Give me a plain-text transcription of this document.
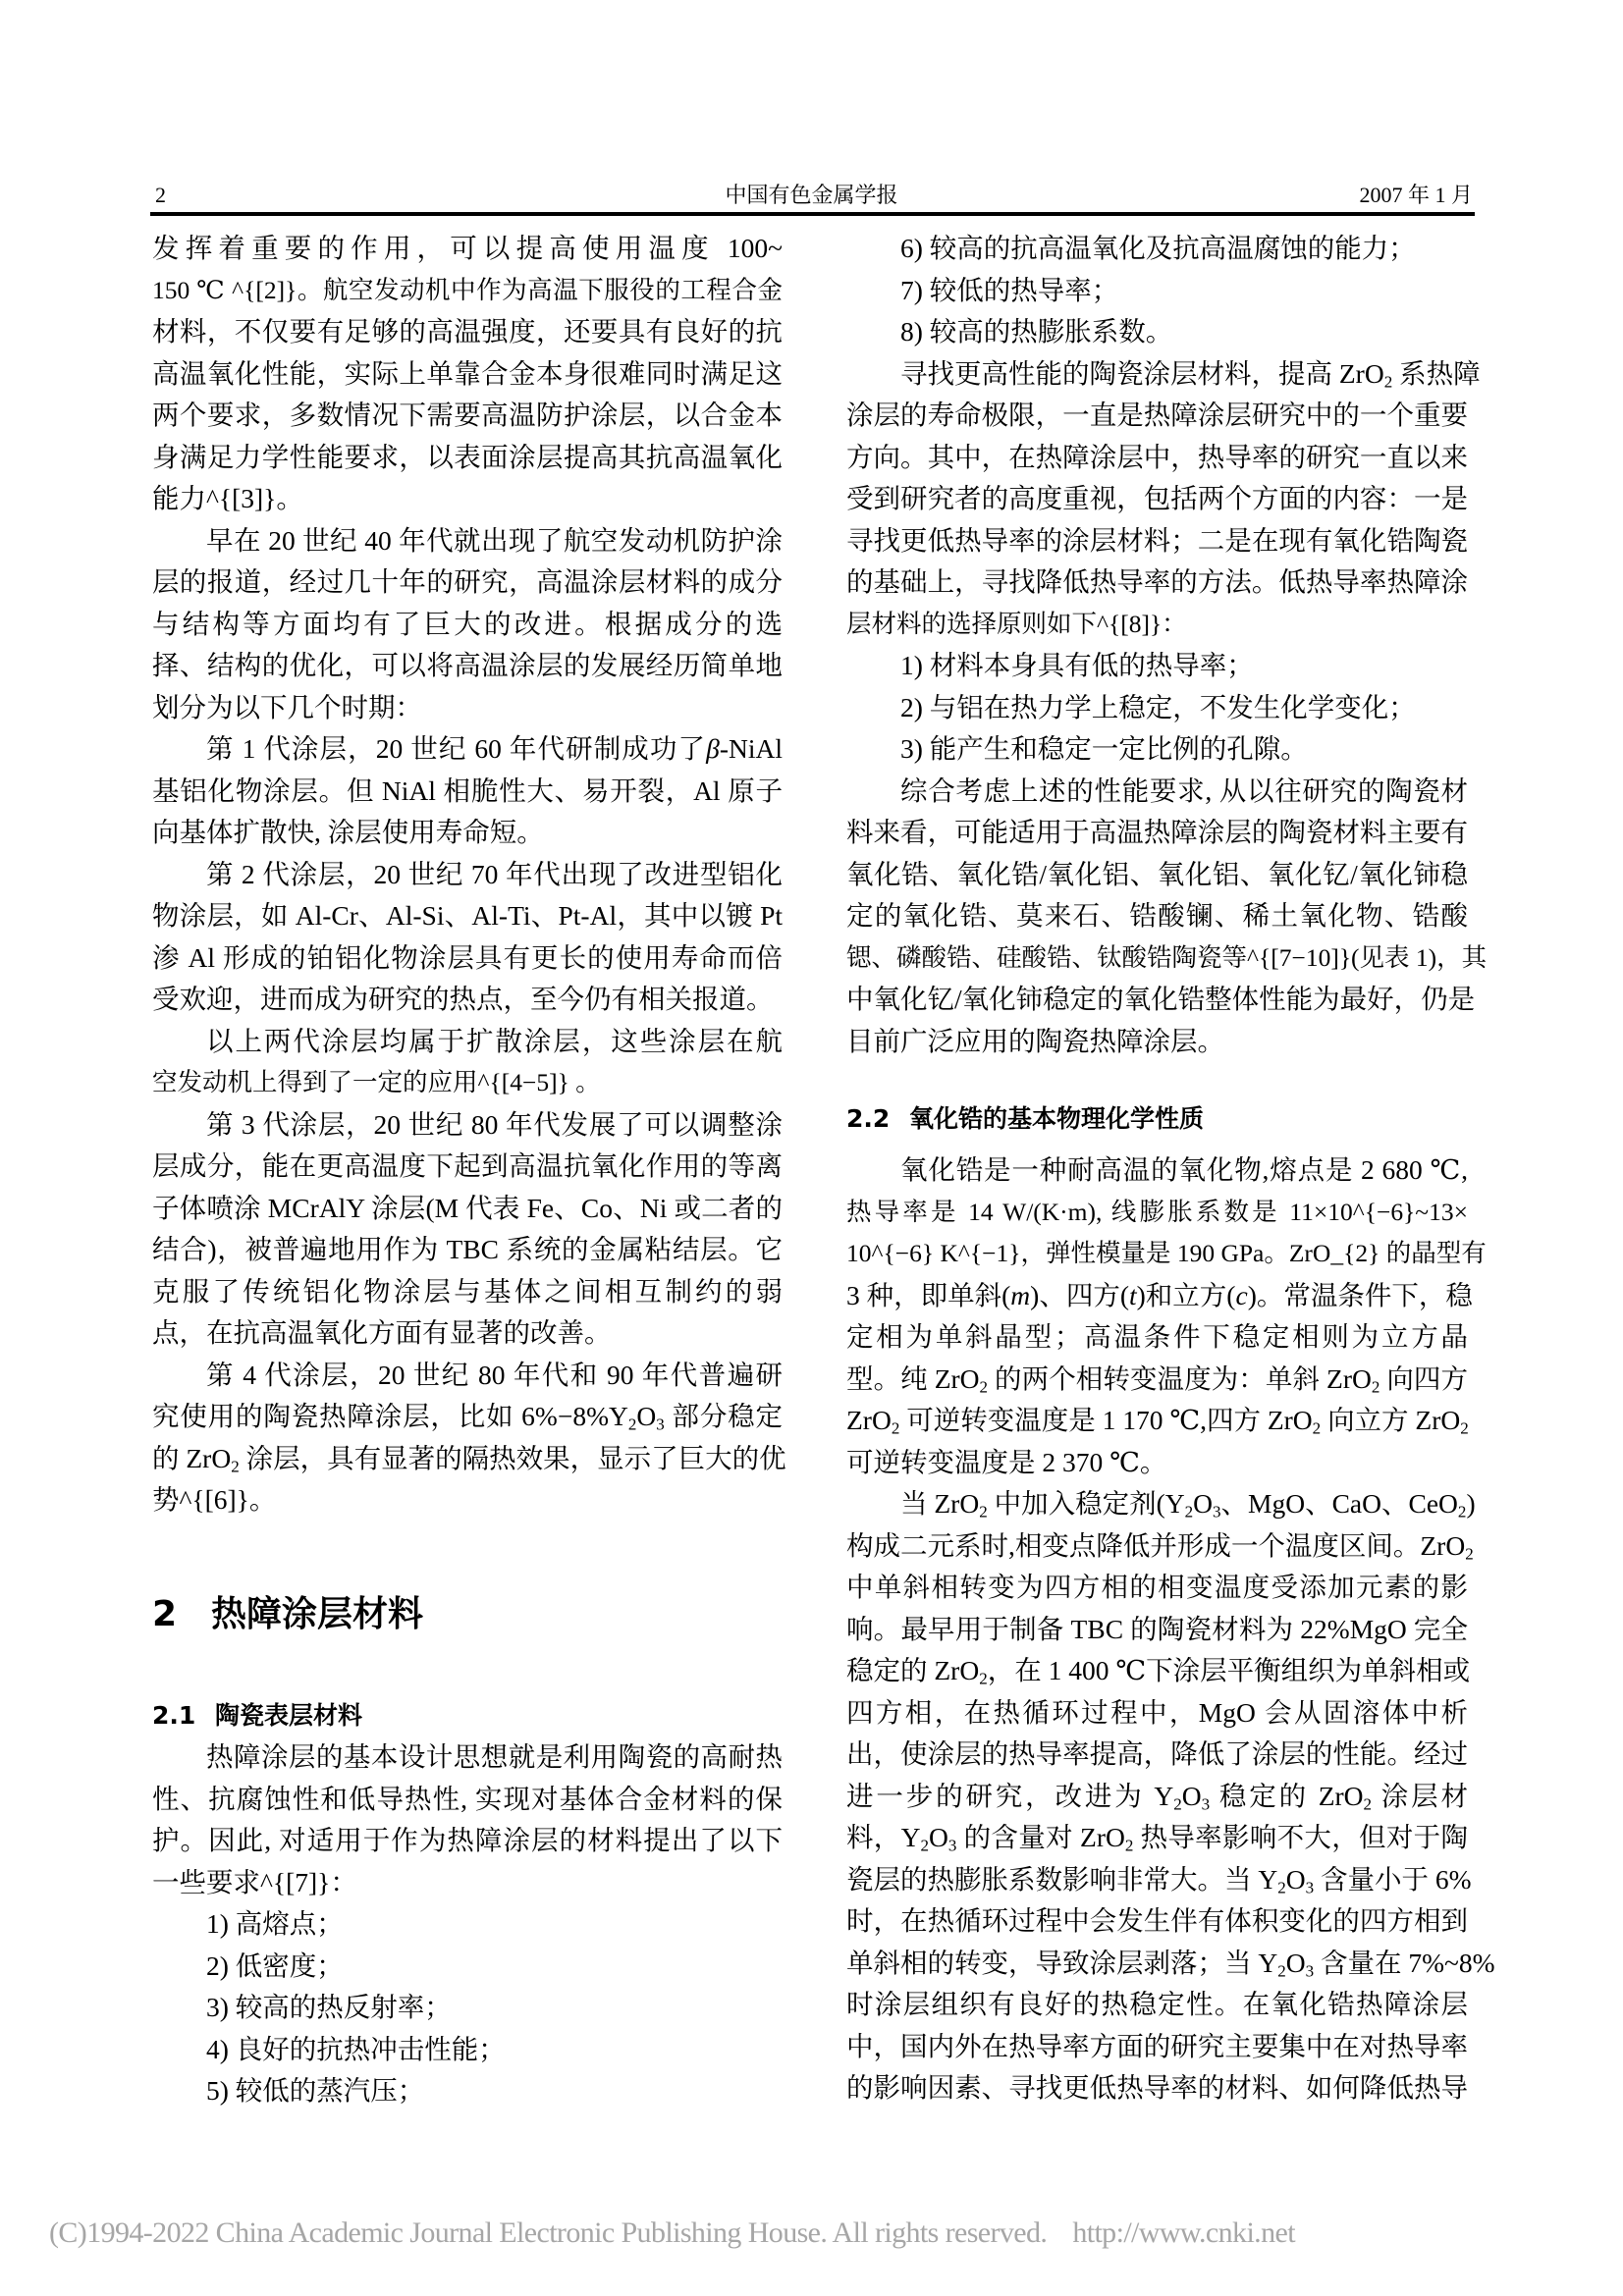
2	中国有色金属学报	2007 年 1 月
发挥着重要的作用，可以提高使用温度 100~
150 ℃ ^{[2]}。航空发动机中作为高温下服役的工程合金
材料，不仅要有足够的高温强度，还要具有良好的抗
高温氧化性能，实际上单靠合金本身很难同时满足这
两个要求，多数情况下需要高温防护涂层，以合金本
身满足力学性能要求，以表面涂层提高其抗高温氧化
能力^{[3]}。
早在 20 世纪 40 年代就出现了航空发动机防护涂
层的报道，经过几十年的研究，高温涂层材料的成分
与结构等方面均有了巨大的改进。根据成分的选
择、结构的优化，可以将高温涂层的发展经历简单地
划分为以下几个时期：
第 1 代涂层，20 世纪 60 年代研制成功了β-NiAl
基铝化物涂层。但 NiAl 相脆性大、易开裂，Al 原子
向基体扩散快, 涂层使用寿命短。
第 2 代涂层，20 世纪 70 年代出现了改进型铝化
物涂层，如 Al-Cr、Al-Si、Al-Ti、Pt-Al，其中以镀 Pt
渗 Al 形成的铂铝化物涂层具有更长的使用寿命而倍
受欢迎，进而成为研究的热点，至今仍有相关报道。
以上两代涂层均属于扩散涂层，这些涂层在航
空发动机上得到了一定的应用^{[4−5]} 。
第 3 代涂层，20 世纪 80 年代发展了可以调整涂
层成分，能在更高温度下起到高温抗氧化作用的等离
子体喷涂 MCrAlY 涂层(M 代表 Fe、Co、Ni 或二者的
结合)，被普遍地用作为 TBC 系统的金属粘结层。它
克服了传统铝化物涂层与基体之间相互制约的弱
点，在抗高温氧化方面有显著的改善。
第 4 代涂层，20 世纪 80 年代和 90 年代普遍研
究使用的陶瓷热障涂层，比如 $6\%-8\%Y_2O_3$ 部分稳定
的 ZrO$_2$ 涂层，具有显著的隔热效果，显示了巨大的优
势^{[6]}。
2 热障涂层材料
2.1 陶瓷表层材料
热障涂层的基本设计思想就是利用陶瓷的高耐热
性、抗腐蚀性和低导热性, 实现对基体合金材料的保
护。因此, 对适用于作为热障涂层的材料提出了以下
一些要求^{[7]}：
1) 高熔点；
2) 低密度；
3) 较高的热反射率；
4) 良好的抗热冲击性能；
5) 较低的蒸汽压；
6) 较高的抗高温氧化及抗高温腐蚀的能力；
7) 较低的热导率；
8) 较高的热膨胀系数。
寻找更高性能的陶瓷涂层材料，提高 ZrO$_2$ 系热障
涂层的寿命极限，一直是热障涂层研究中的一个重要
方向。其中，在热障涂层中，热导率的研究一直以来
受到研究者的高度重视，包括两个方面的内容：一是
寻找更低热导率的涂层材料；二是在现有氧化锆陶瓷
的基础上，寻找降低热导率的方法。低热导率热障涂
层材料的选择原则如下^{[8]}：
1) 材料本身具有低的热导率；
2) 与铝在热力学上稳定，不发生化学变化；
3) 能产生和稳定一定比例的孔隙。
综合考虑上述的性能要求, 从以往研究的陶瓷材
料来看，可能适用于高温热障涂层的陶瓷材料主要有
氧化锆、氧化锆/氧化铝、氧化铝、氧化钇/氧化铈稳
定的氧化锆、莫来石、锆酸镧、稀土氧化物、锆酸
锶、磷酸锆、硅酸锆、钛酸锆陶瓷等^{[7−10]}(见表 1)，其
中氧化钇/氧化铈稳定的氧化锆整体性能为最好，仍是
目前广泛应用的陶瓷热障涂层。
2.2 氧化锆的基本物理化学性质
氧化锆是一种耐高温的氧化物,熔点是 2 680 ℃,
热导率是 14 W/(K·m), 线膨胀系数是 11×10^{−6}~13×
10^{−6} K^{−1}，弹性模量是 190 GPa。ZrO_{2} 的晶型有
3 种，即单斜(m)、四方(t)和立方(c)。常温条件下，稳
定相为单斜晶型；高温条件下稳定相则为立方晶
型。纯 ZrO$_2$ 的两个相转变温度为：单斜 ZrO$_2$ 向四方
ZrO$_2$ 可逆转变温度是 1 170 ℃,四方 ZrO$_2$ 向立方 ZrO$_2$
可逆转变温度是 2 370 ℃。
当 ZrO$_2$ 中加入稳定剂($Y_2O_3$、MgO、CaO、CeO$_2$)
构成二元系时,相变点降低并形成一个温度区间。ZrO$_2$
中单斜相转变为四方相的相变温度受添加元素的影
响。最早用于制备 TBC 的陶瓷材料为 22%MgO 完全
稳定的 ZrO$_2$，在 1 400 ℃下涂层平衡组织为单斜相或
四方相，在热循环过程中，MgO 会从固溶体中析
出，使涂层的热导率提高，降低了涂层的性能。经过
进一步的研究，改进为 $Y_2O_3$ 稳定的 ZrO$_2$ 涂层材
料，$Y_2O_3$ 的含量对 ZrO$_2$ 热导率影响不大，但对于陶
瓷层的热膨胀系数影响非常大。当 $Y_2O_3$ 含量小于 6%
时，在热循环过程中会发生伴有体积变化的四方相到
单斜相的转变，导致涂层剥落；当 $Y_2O_3$ 含量在 7%~8%
时涂层组织有良好的热稳定性。在氧化锆热障涂层
中，国内外在热导率方面的研究主要集中在对热导率
的影响因素、寻找更低热导率的材料、如何降低热导
(C)1994-2022 China Academic Journal Electronic Publishing House. All rights reserved. http://www.cnki.net
